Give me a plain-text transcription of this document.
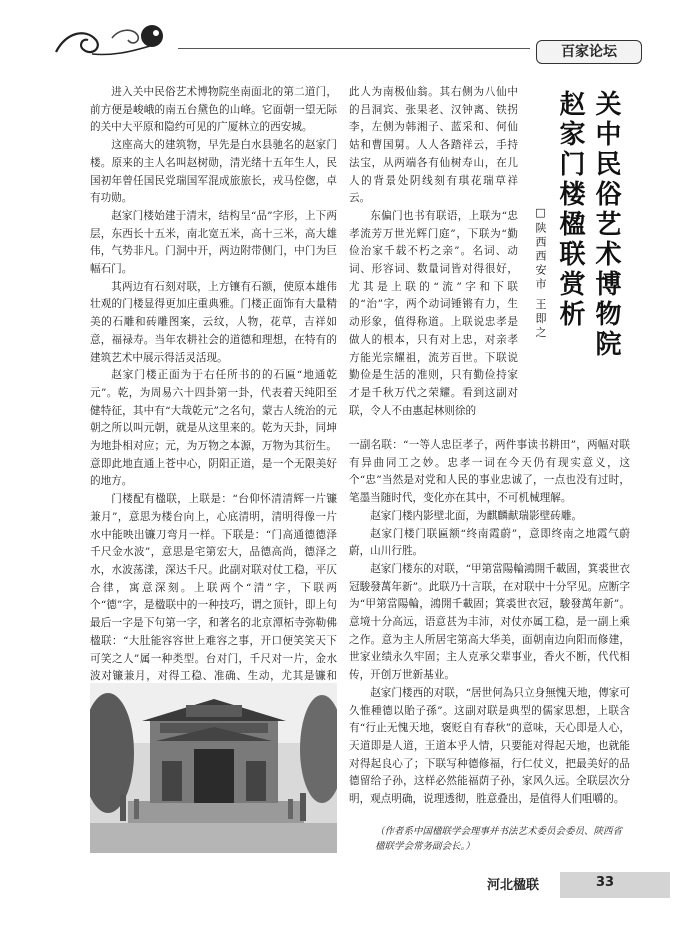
百家论坛

进入关中民俗艺术博物院坐南面北的第二道门，前方便是峻峨的南五台黛色的山峰。它面朝一望无际的关中大平原和隐约可见的广厦林立的西安城。

这座高大的建筑物，早先是白水县驰名的赵家门楼。原来的主人名叫赵树勋，清光绪十五年生人，民国初年曾任国民党瑞国军混成旅旅长，戎马倥偬，卓有功勋。

赵家门楼始建于清末，结构呈“品”字形，上下两层，东西长十五米，南北宽五米，高十三米，高大雄伟，气势非凡。门洞中开，两边附带侧门，中门为巨幅石门。

其两边有石刻对联，上方镶有石额，使原本雄伟壮观的门楼显得更加庄重典雅。门楼正面饰有大量精美的石雕和砖雕图案，云纹，人物，花草，吉祥如意，福禄寿。当年农耕社会的道德和理想，在特有的建筑艺术中展示得活灵活现。

赵家门楼正面为于右任所书的的石匾“地通乾元”。乾，为周易六十四卦第一卦，代表着天纯阳至健特征，其中有“大哉乾元”之名句，蒙古人统治的元朝之所以叫元朝，就是从这里来的。乾为天卦，同坤为地卦相对应；元，为万物之本源，万物为其衍生。意即此地直通上苍中心，阴阳正道，是一个无限美好的地方。

门楼配有楹联，上联是：“台仰怀清清辉一片镰兼月”，意思为楼台向上，心底清明，清明得像一片水中能映出镰刀弯月一样。下联是：“门高通德德泽千尺金水波”，意思是宅第宏大，品德高尚，德泽之水，水波荡漾，深达千尺。此副对联对仗工稳，平仄合律，寓意深刻。上联两个“清”字，下联两个“德”字，是楹联中的一种技巧，谓之顶针，即上句最后一字是下句第一字，和著名的北京潭柘寺弥勒佛楹联：“大肚能容容世上难容之事，开口便笑笑天下可笑之人”属一种类型。台对门，千尺对一片，金水波对镰兼月，对得工稳、准确、生动，尤其是镰和

此人为南极仙翁。其右侧为八仙中的吕洞宾、张果老、汉钟离、铁拐李，左侧为韩湘子、蓝采和、何仙姑和曹国舅。人人各踏祥云，手持法宝，从两端各有仙树寿山，在儿人的背景处阴线刻有琪花瑞草祥云。

东偏门也书有联语，上联为“忠孝流芳万世光辉门庭”，下联为“勤俭治家千载不朽之亲”。名词、动词、形容词、数量词皆对得很好，尤其是上联的“流”字和下联的“治”字，两个动词锤锵有力，生动形象，值得称道。上联说忠孝是做人的根本，只有对上忠，对亲孝方能光宗耀祖，流芳百世。下联说勤俭是生活的准则，只有勤俭持家才是千秋万代之荣耀。看到这副对联，令人不由惠起林则徐的

关中民俗艺术博物院
赵家门楼楹联赏析
□陕西西安市 王即之

一副名联：“一等人忠臣孝子，两件事读书耕田”，两幅对联有异曲同工之妙。忠孝一词在今天仍有现实意义，这个“忠”当然是对党和人民的事业忠诚了，一点也没有过时，笔墨当随时代，变化亦在其中，不可机械理解。

赵家门楼内影壁北面，为麒麟献瑞影壁砖雕。

赵家门楼门联匾额“终南霞蔚”，意即终南之地霞气蔚蔚，山川行胜。

赵家门楼东的对联，“甲第當陽輪鴻開千載固，箕裘世衣冠駿發萬年新”。此联乃十言联，在对联中十分罕见。应断字为“甲第當陽輪，鴻開千載固；箕裘世衣冠，駿發萬年新”。意境十分高远，语意甚为丰沛，对仗亦属工稳，是一副上乘之作。意为主人所居宅第高大华美，面朝南边向阳而修建，世家业绩永久牢固；主人克承父辈事业，香火不断，代代相传，开创万世新基业。

赵家门楼西的对联，“居世何為只立身無愧天地，傳家可久惟種德以貽子孫”。这副对联是典型的儒家思想，上联含有“行止无愧天地，褒贬自有春秋”的意味，天心即是人心，天道即是人道，王道本乎人情，只要能对得起天地，也就能对得起良心了；下联写种德修福，行仁仗义，把最美好的品德留给子孙，这样必然能福荫子孙，家风久远。全联层次分明，观点明确，说理透彻，胜意叠出，是值得人们咀嚼的。

（作者系中国楹联学会理事并书法艺术委员会委员、陕西省楹联学会常务副会长。）
河北楹联	33
